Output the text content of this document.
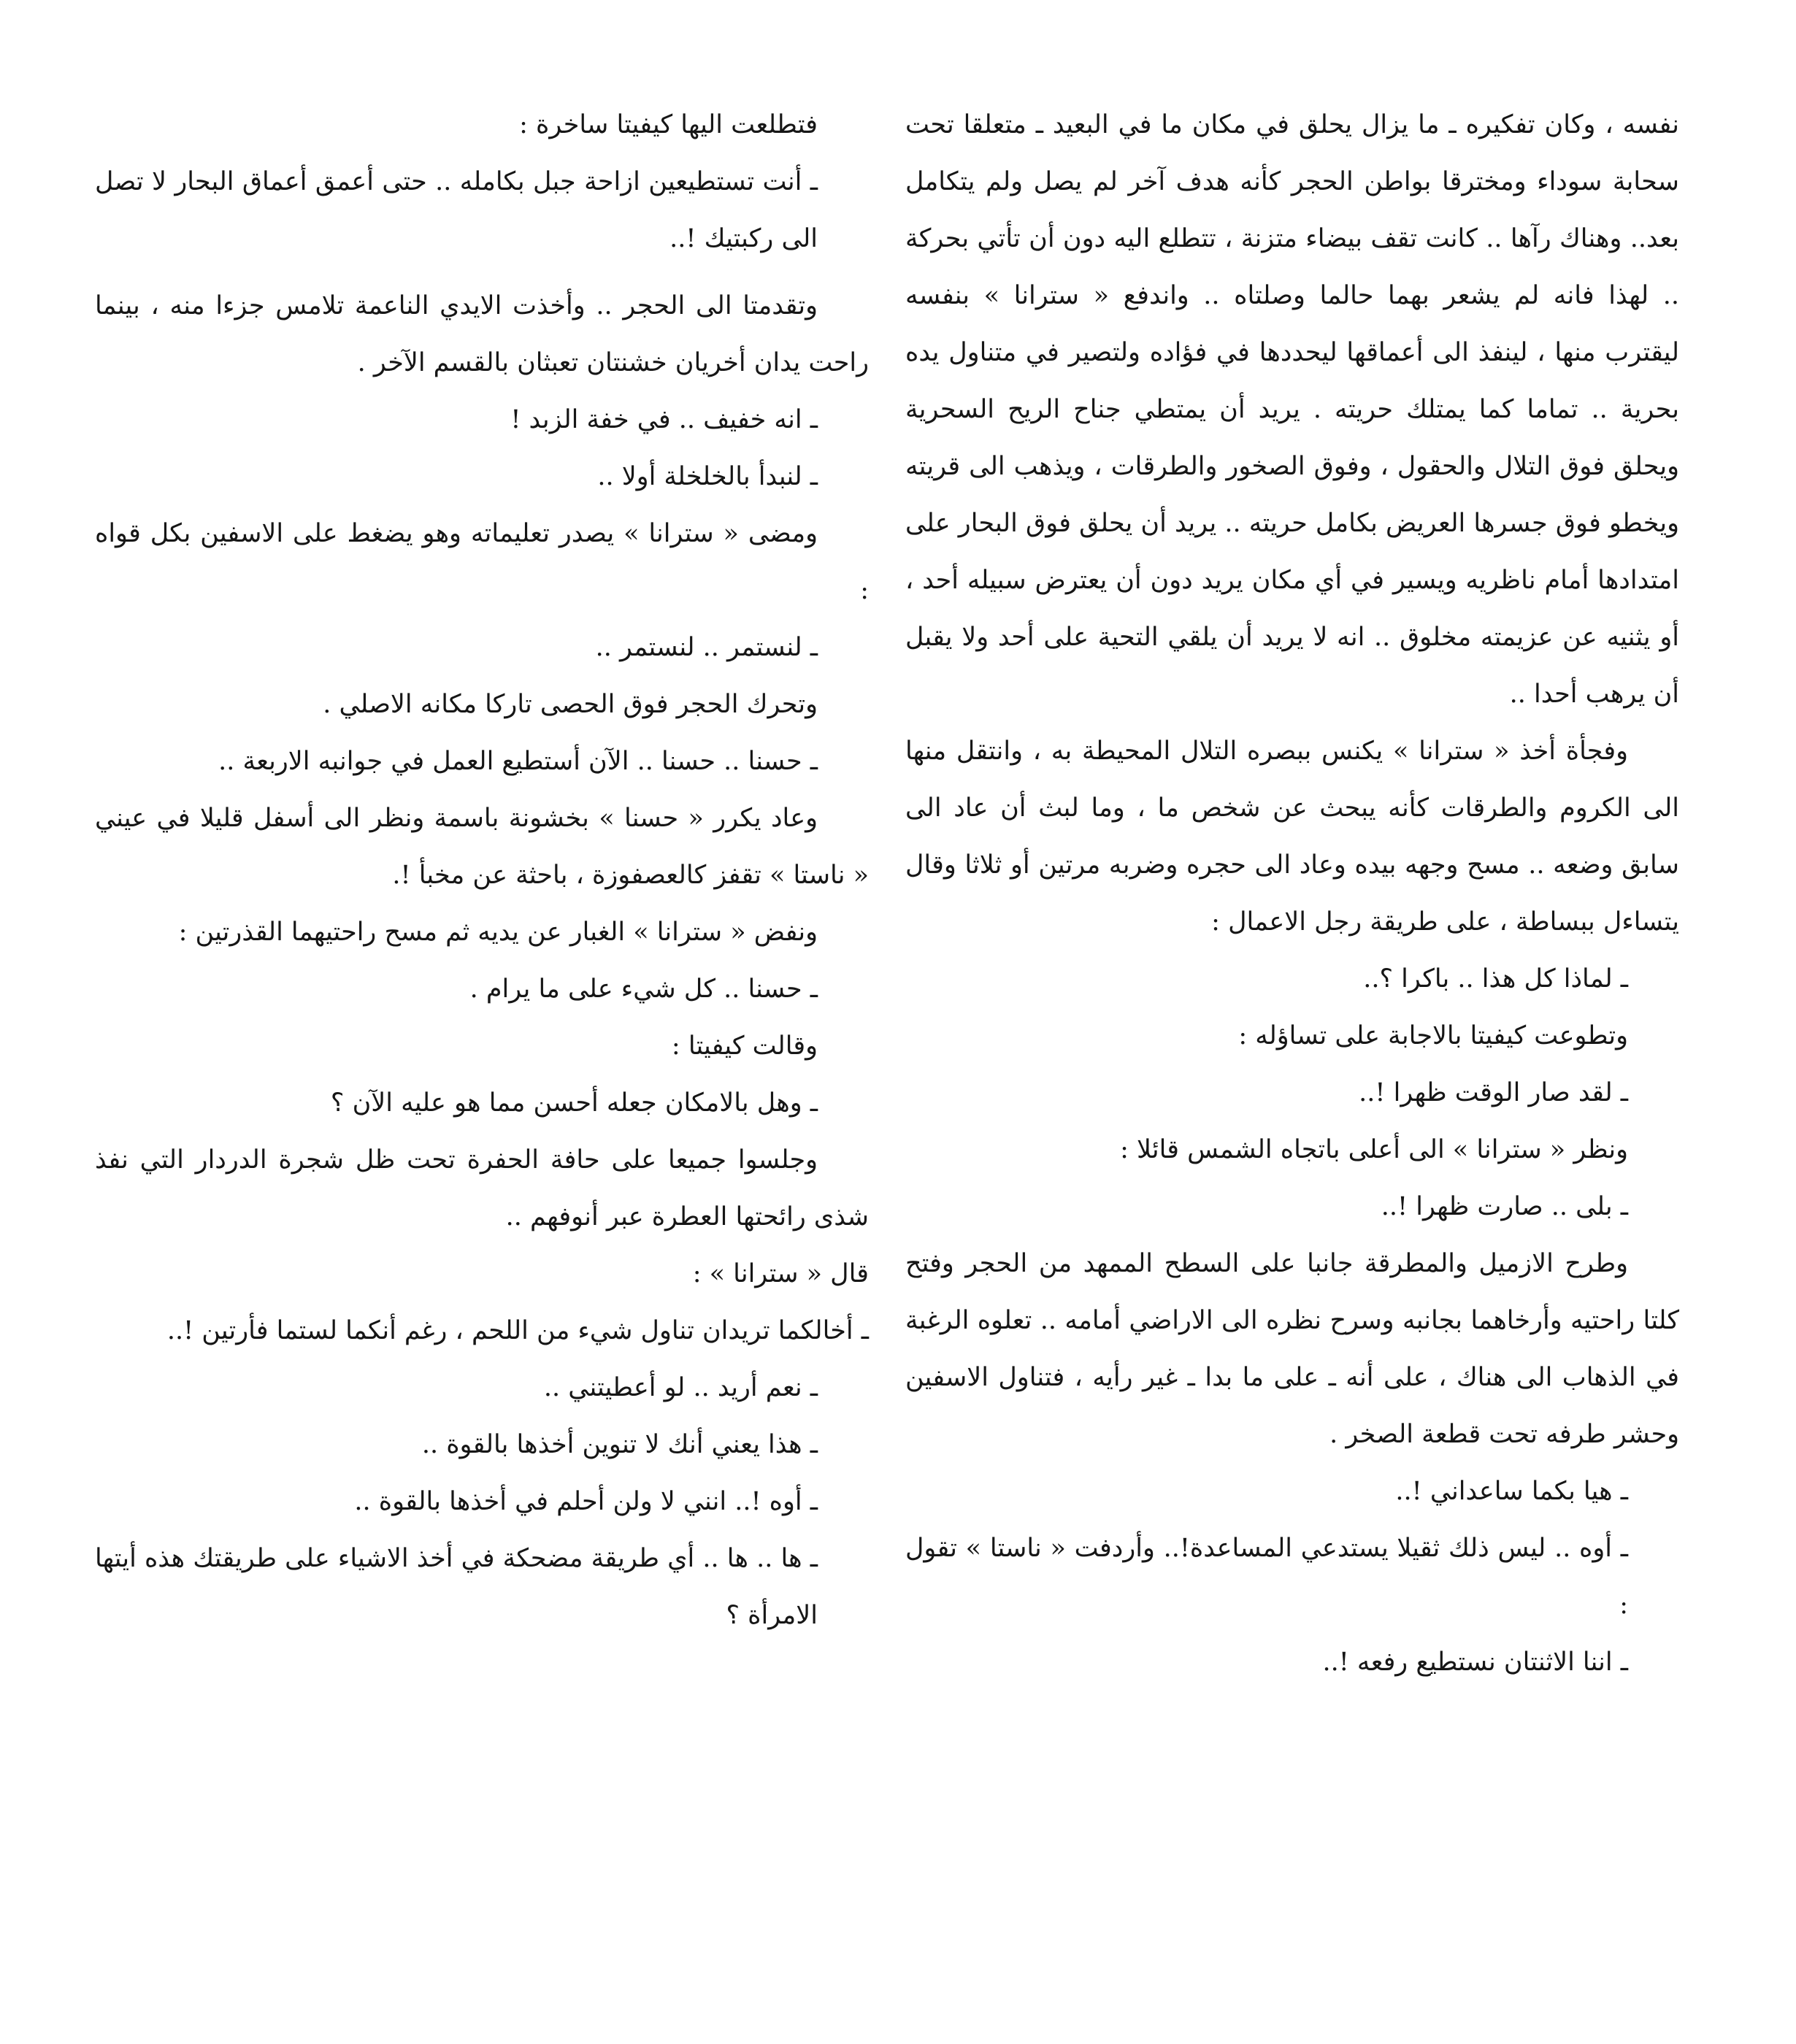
نفسه ، وكان تفكيره ـ ما يزال يحلق في مكان ما في البعيد ـ متعلقا تحت سحابة سوداء ومخترقا بواطن الحجر كأنه هدف آخر لم يصل ولم يتكامل بعد.. وهناك رآها .. كانت تقف بيضاء متزنة ، تتطلع اليه دون أن تأتي بحركة .. لهذا فانه لم يشعر بهما حالما وصلتاه .. واندفع « سترانا » بنفسه ليقترب منها ، لينفذ الى أعماقها ليحددها في فؤاده ولتصير في متناول يده بحرية .. تماما كما يمتلك حريته . يريد أن يمتطي جناح الريح السحرية ويحلق فوق التلال والحقول ، وفوق الصخور والطرقات ، ويذهب الى قريته ويخطو فوق جسرها العريض بكامل حريته .. يريد أن يحلق فوق البحار على امتدادها أمام ناظريه ويسير في أي مكان يريد دون أن يعترض سبيله أحد ، أو يثنيه عن عزيمته مخلوق .. انه لا يريد أن يلقي التحية على أحد ولا يقبل أن يرهب أحدا ..

وفجأة أخذ « سترانا » يكنس ببصره التلال المحيطة به ، وانتقل منها الى الكروم والطرقات كأنه يبحث عن شخص ما ، وما لبث أن عاد الى سابق وضعه .. مسح وجهه بيده وعاد الى حجره وضربه مرتين أو ثلاثا وقال يتساءل ببساطة ، على طريقة رجل الاعمال :

ـ لماذا كل هذا .. باكرا ؟..

وتطوعت كيفيتا بالاجابة على تساؤله :

ـ لقد صار الوقت ظهرا !..

ونظر « سترانا » الى أعلى باتجاه الشمس قائلا :

ـ بلى .. صارت ظهرا !..

وطرح الازميل والمطرقة جانبا على السطح الممهد من الحجر وفتح كلتا راحتيه وأرخاهما بجانبه وسرح نظره الى الاراضي أمامه .. تعلوه الرغبة في الذهاب الى هناك ، على أنه ـ على ما بدا ـ غير رأيه ، فتناول الاسفين وحشر طرفه تحت قطعة الصخر .

ـ هيا بكما ساعداني !..

ـ أوه .. ليس ذلك ثقيلا يستدعي المساعدة!.. وأردفت « ناستا » تقول :

ـ اننا الاثنتان نستطيع رفعه !..

فتطلعت اليها كيفيتا ساخرة :

ـ أنت تستطيعين ازاحة جبل بكامله .. حتى أعمق أعماق البحار لا تصل الى ركبتيك !..

وتقدمتا الى الحجر .. وأخذت الايدي الناعمة تلامس جزءا منه ، بينما راحت يدان أخريان خشنتان تعبثان بالقسم الآخر .

ـ انه خفيف .. في خفة الزبد !

ـ لنبدأ بالخلخلة أولا ..

ومضى « سترانا » يصدر تعليماته وهو يضغط على الاسفين بكل قواه :

ـ لنستمر .. لنستمر ..

وتحرك الحجر فوق الحصى تاركا مكانه الاصلي .

ـ حسنا .. حسنا .. الآن أستطيع العمل في جوانبه الاربعة ..

وعاد يكرر « حسنا » بخشونة باسمة ونظر الى أسفل قليلا في عيني « ناستا » تقفز كالعصفوزة ، باحثة عن مخبأ !.

ونفض « سترانا » الغبار عن يديه ثم مسح راحتيهما القذرتين :

ـ حسنا .. كل شيء على ما يرام .

وقالت كيفيتا :

ـ وهل بالامكان جعله أحسن مما هو عليه الآن ؟

وجلسوا جميعا على حافة الحفرة تحت ظل شجرة الدردار التي نفذ شذى رائحتها العطرة عبر أنوفهم ..

قال « سترانا » :

ـ أخالكما تريدان تناول شيء من اللحم ، رغم أنكما لستما فأرتين !..

ـ نعم أريد .. لو أعطيتني ..

ـ هذا يعني أنك لا تنوين أخذها بالقوة ..

ـ أوه !.. انني لا ولن أحلم في أخذها بالقوة ..

ـ ها .. ها .. أي طريقة مضحكة في أخذ الاشياء على طريقتك هذه أيتها الامرأة ؟
